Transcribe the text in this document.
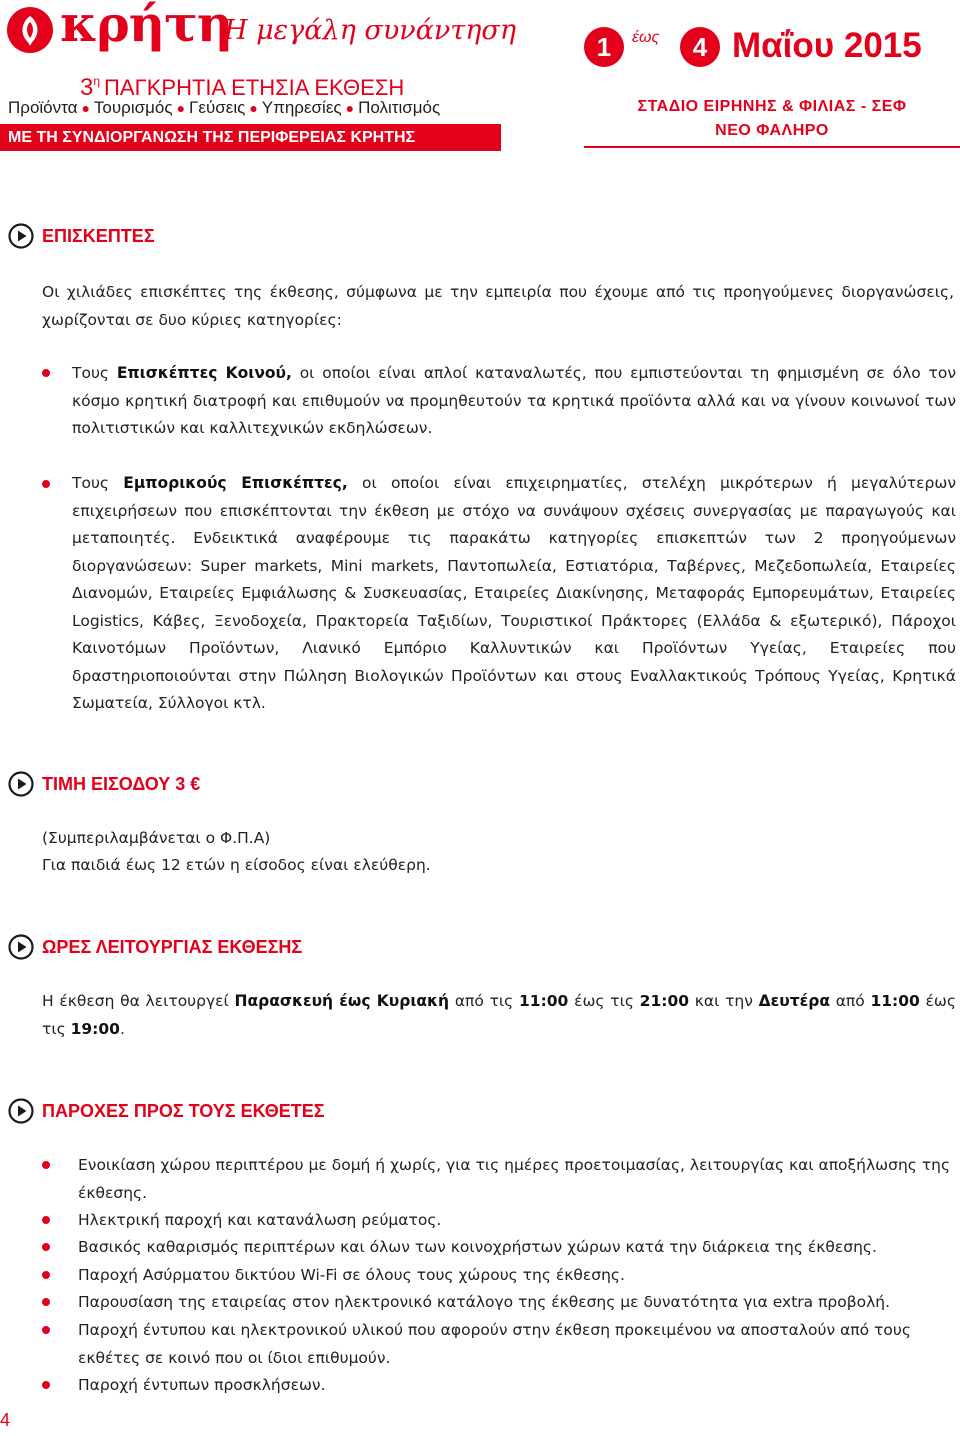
κρήτη
Η μεγάλη συνάντηση
$3^\eta$ ΠΑΓΚΡΗΤΙΑ ΕΤΗΣΙΑ ΕΚΘΕΣΗ
Προϊόντα ● Τουρισμός ● Γεύσεις ● Υπηρεσίες ● Πολιτισμός
ΜΕ ΤΗ ΣΥΝΔΙΟΡΓΑΝΩΣΗ ΤΗΣ ΠΕΡΙΦΕΡΕΙΑΣ ΚΡΗΤΗΣ
1	έως	4 Μαΐου 2015
ΣΤΑΔΙΟ ΕΙΡΗΝΗΣ & ΦΙΛΙΑΣ - ΣΕΦ
ΝΕΟ ΦΑΛΗΡΟ
ΕΠΙΣΚΕΠΤΕΣ
Οι χιλιάδες επισκέπτες της έκθεσης, σύμφωνα με την εμπειρία που έχουμε από τις προηγούμενες διοργανώσεις, χωρίζονται σε δυο κύριες κατηγορίες:
Τους Επισκέπτες Κοινού, οι οποίοι είναι απλοί καταναλωτές, που εμπιστεύονται τη φημισμένη σε όλο τον κόσμο κρητική διατροφή και επιθυμούν να προμηθευτούν τα κρητικά προϊόντα αλλά και να γίνουν κοινωνοί των πολιτιστικών και καλλιτεχνικών εκδηλώσεων.
Τους Εμπορικούς Επισκέπτες, οι οποίοι είναι επιχειρηματίες, στελέχη μικρότερων ή μεγαλύτερων επιχειρήσεων που επισκέπτονται την έκθεση με στόχο να συνάψουν σχέσεις συνεργασίας με παραγωγούς και μεταποιητές. Ενδεικτικά αναφέρουμε τις παρακάτω κατηγορίες επισκεπτών των 2 προηγούμενων διοργανώσεων: Super markets, Mini markets, Παντοπωλεία, Εστιατόρια, Ταβέρνες, Μεζεδοπωλεία, Εταιρείες Διανομών, Εταιρείες Εμφιάλωσης & Συσκευασίας, Εταιρείες Διακίνησης, Μεταφοράς Εμπορευμάτων, Εταιρείες Logistics, Κάβες, Ξενοδοχεία, Πρακτορεία Ταξιδίων, Τουριστικοί Πράκτορες (Ελλάδα & εξωτερικό), Πάροχοι Καινοτόμων Προϊόντων, Λιανικό Εμπόριο Καλλυντικών και Προϊόντων Υγείας, Εταιρείες που δραστηριοποιούνται στην Πώληση Βιολογικών Προϊόντων και στους Εναλλακτικούς Τρόπους Υγείας, Κρητικά Σωματεία, Σύλλογοι κτλ.
ΤΙΜΗ ΕΙΣΟΔΟΥ 3 €
(Συμπεριλαμβάνεται ο Φ.Π.Α)
Για παιδιά έως 12 ετών η είσοδος είναι ελεύθερη.
ΩΡΕΣ ΛΕΙΤΟΥΡΓΙΑΣ ΕΚΘΕΣΗΣ
Η έκθεση θα λειτουργεί Παρασκευή έως Κυριακή από τις 11:00 έως τις 21:00 και την Δευτέρα από 11:00 έως τις 19:00.
ΠΑΡΟΧΕΣ ΠΡΟΣ ΤΟΥΣ ΕΚΘΕΤΕΣ
Ενοικίαση χώρου περιπτέρου με δομή ή χωρίς, για τις ημέρες προετοιμασίας, λειτουργίας και αποξήλωσης της έκθεσης.
Ηλεκτρική παροχή και κατανάλωση ρεύματος.
Βασικός καθαρισμός περιπτέρων και όλων των κοινοχρήστων χώρων κατά την διάρκεια της έκθεσης.
Παροχή Ασύρματου δικτύου Wi-Fi σε όλους τους χώρους της έκθεσης.
Παρουσίαση της εταιρείας στον ηλεκτρονικό κατάλογο της έκθεσης με δυνατότητα για extra προβολή.
Παροχή έντυπου και ηλεκτρονικού υλικού που αφορούν στην έκθεση προκειμένου να αποσταλούν από τους εκθέτες σε κοινό που οι ίδιοι επιθυμούν.
Παροχή έντυπων προσκλήσεων.
4
